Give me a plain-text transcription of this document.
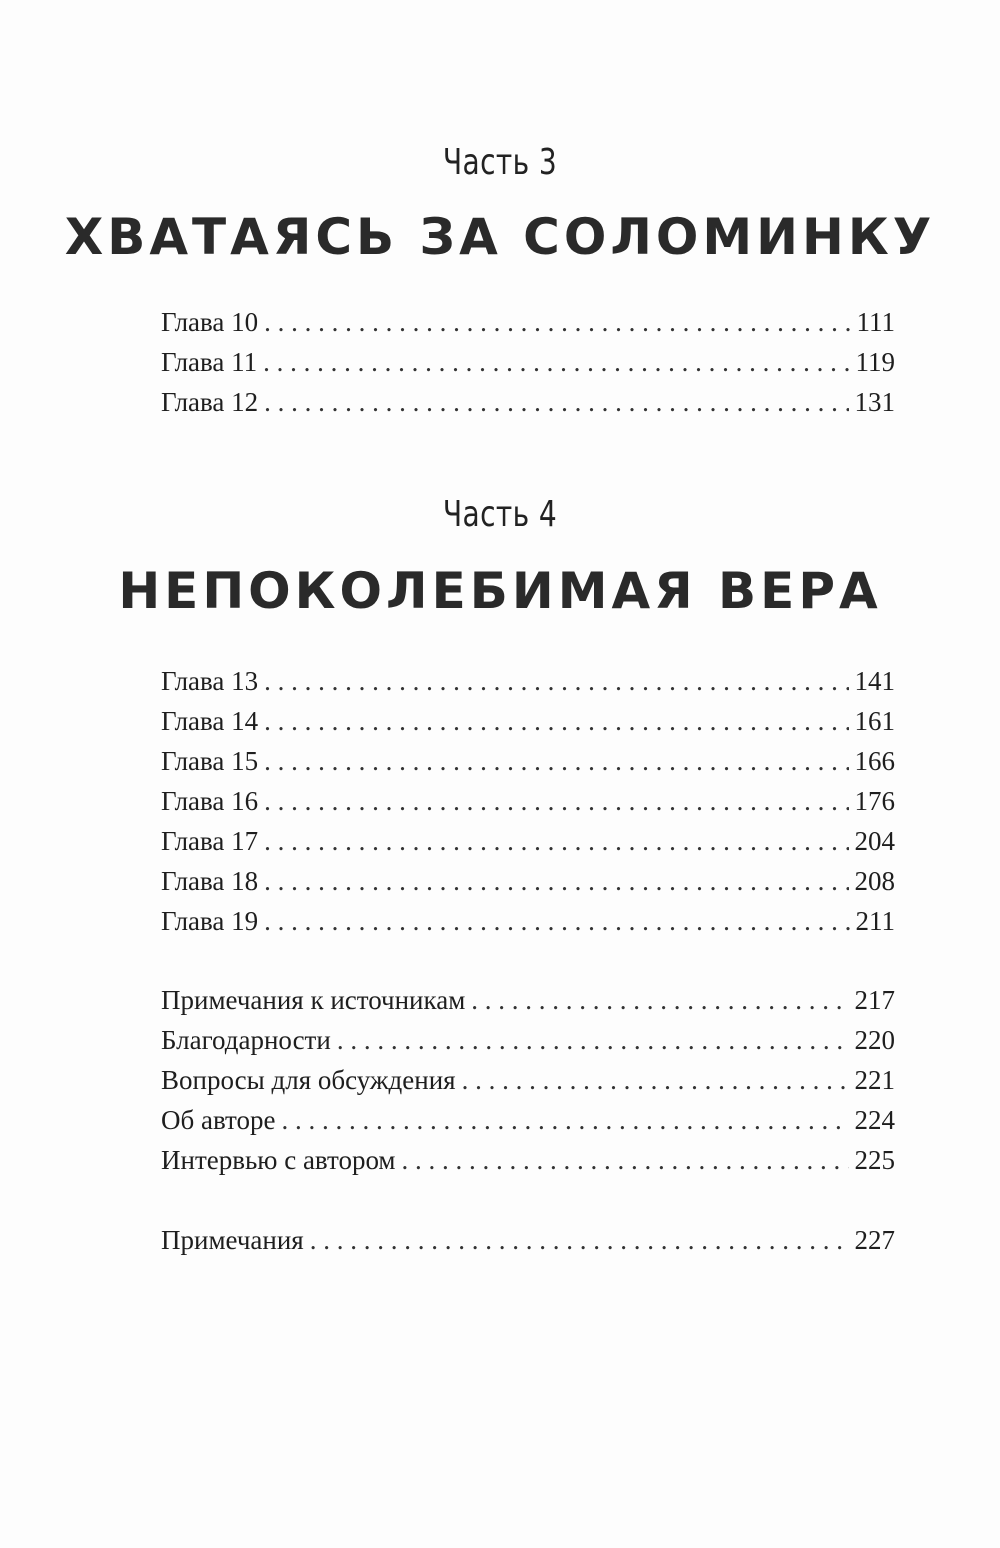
Часть 3
ХВАТАЯСЬ ЗА СОЛОМИНКУ
Глава 10 . . .	111
Глава 11 . . .	119
Глава 12 . . .	131
Часть 4
НЕПОКОЛЕБИМАЯ ВЕРА
Глава 13 . . .	141
Глава 14 . . .	161
Глава 15 . . .	166
Глава 16 . . .	176
Глава 17 . . .	204
Глава 18 . . .	208
Глава 19 . . .	211
Примечания к источникам . . .	217
Благодарности . . .	220
Вопросы для обсуждения . . .	221
Об авторе . . .	224
Интервью с автором . . .	225
Примечания . . .	227
